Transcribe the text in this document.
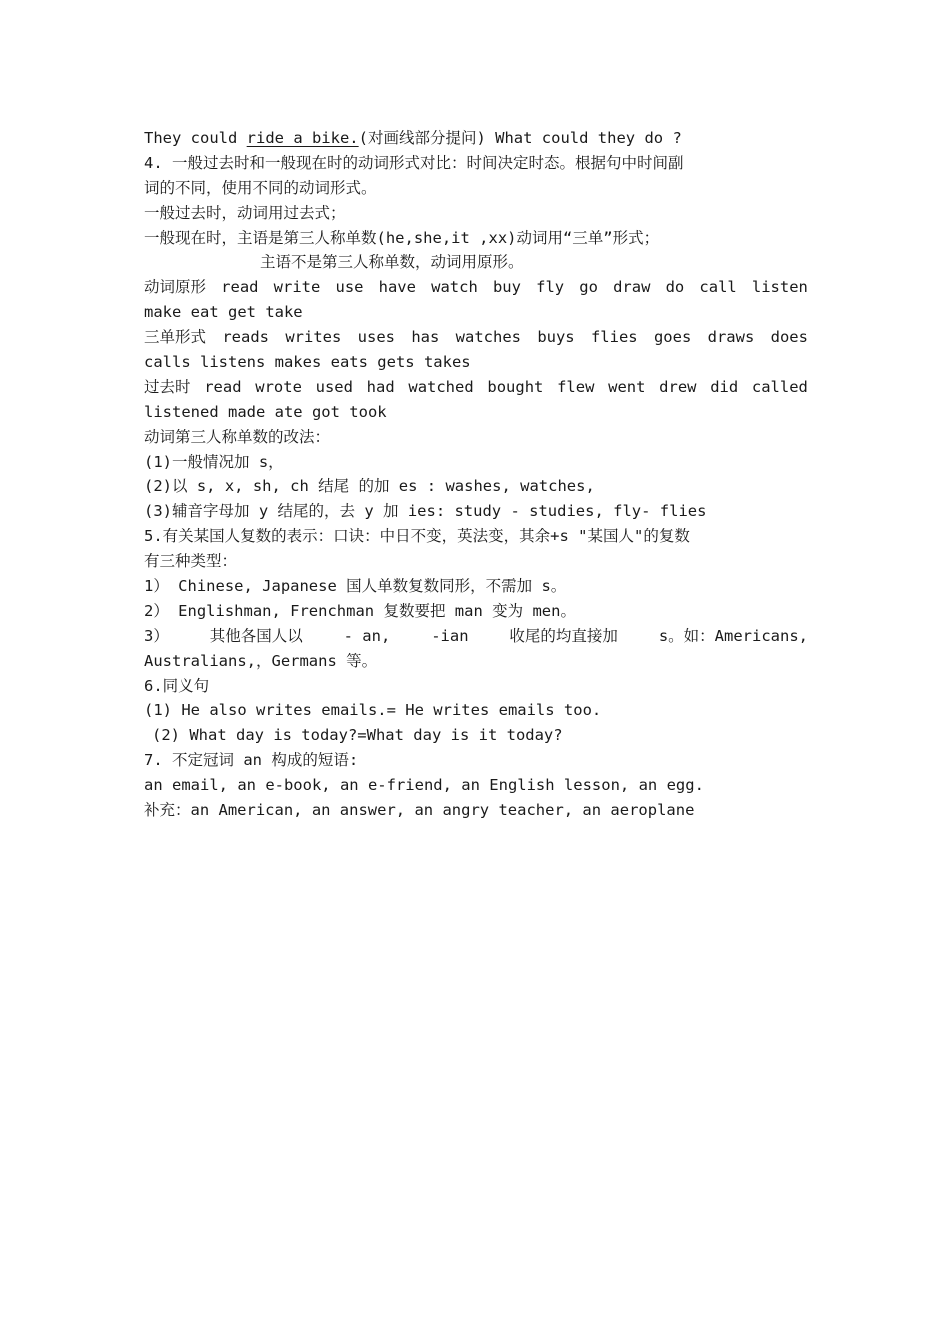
They could ride a bike.(对画线部分提问) What could they do ?
4. 一般过去时和一般现在时的动词形式对比：时间决定时态。根据句中时间副
词的不同，使用不同的动词形式。
一般过去时，动词用过去式；
一般现在时，主语是第三人称单数(he,she,it ,xx)动词用“三单”形式；
主语不是第三人称单数，动词用原形。
动词原形 read write use have watch buy fly go draw do call listen
make eat get take
三单形式 reads writes uses has watches buys flies goes draws does
calls listens makes eats gets takes
过去时 read wrote used had watched bought flew went drew did called
listened made ate got took
动词第三人称单数的改法：
(1)一般情况加 s，
(2)以 s, x, sh, ch 结尾 的加 es : washes, watches,
(3)辅音字母加 y 结尾的，去 y 加 ies: study - studies, fly- flies
5.有关某国人复数的表示：口诀：中日不变，英法变，其余+s "某国人"的复数
有三种类型：
1） Chinese, Japanese 国人单数复数同形，不需加 s。
2） Englishman, Frenchman 复数要把 man 变为 men。
3）	其他各国人以	- an,	-ian	收尾的均直接加	s。如：Americans,
Australians,，Germans 等。
6.同义句
(1) He also writes emails.= He writes emails too.
(2) What day is today?=What day is it today?
7. 不定冠词 an 构成的短语:
an email, an e-book, an e-friend, an English lesson, an egg.
补充：an American, an answer, an angry teacher, an aeroplane
